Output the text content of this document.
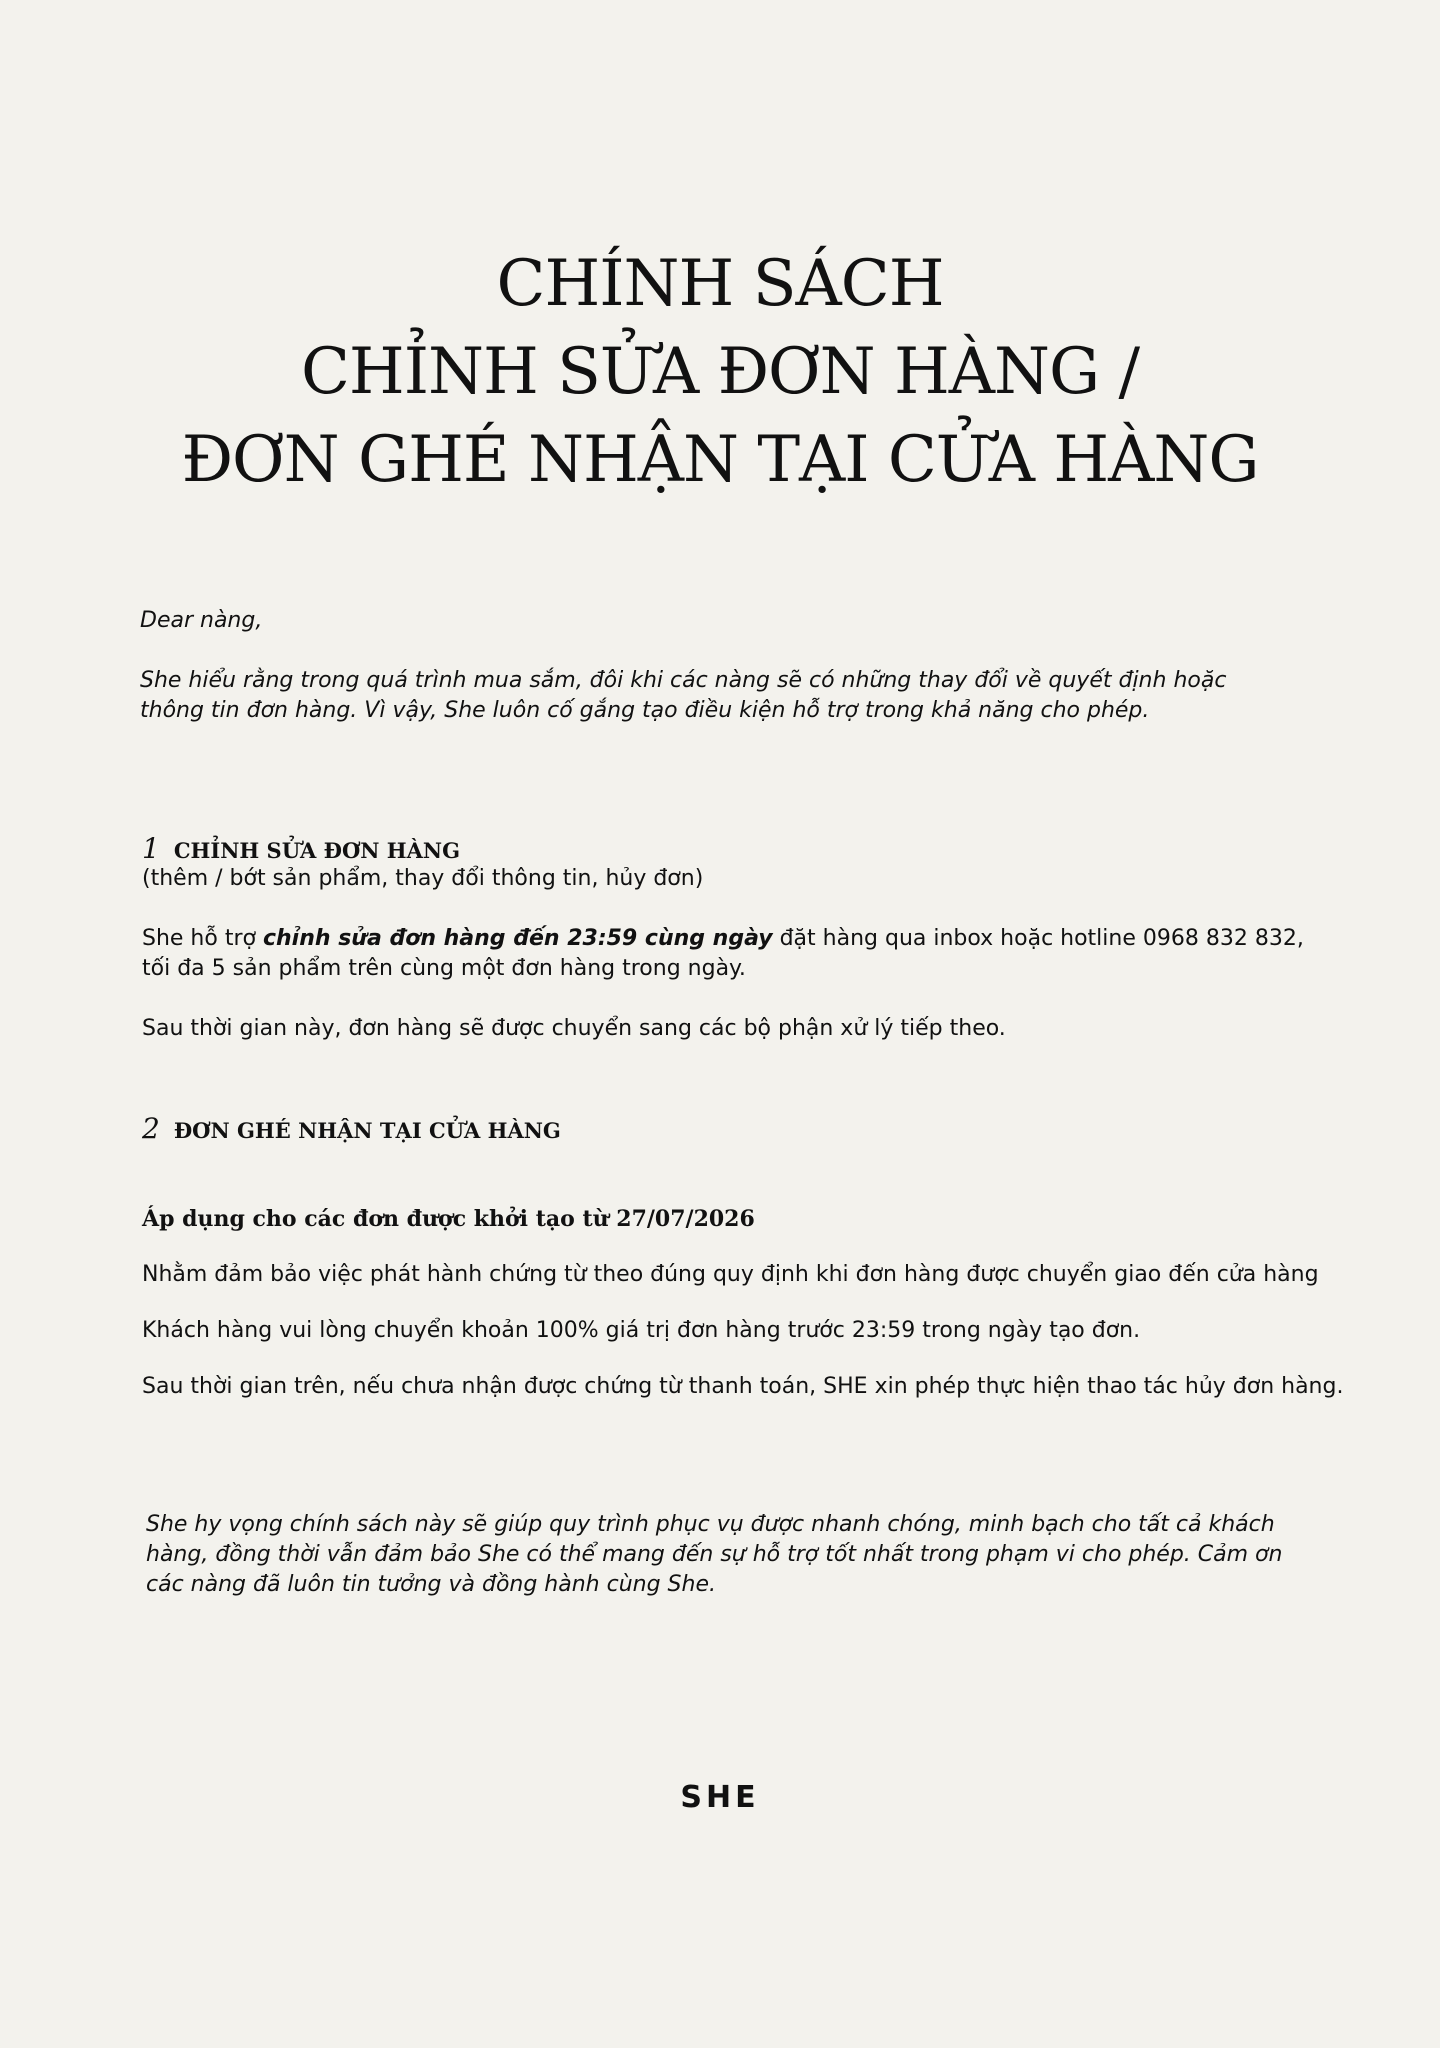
CHÍNH SÁCH
CHỈNH SỬA ĐƠN HÀNG /
ĐƠN GHÉ NHẬN TẠI CỬA HÀNG

Dear nàng,

She hiểu rằng trong quá trình mua sắm, đôi khi các nàng sẽ có những thay đổi về quyết định hoặc
thông tin đơn hàng. Vì vậy, She luôn cố gắng tạo điều kiện hỗ trợ trong khả năng cho phép.

1 CHỈNH SỬA ĐƠN HÀNG

(thêm / bớt sản phẩm, thay đổi thông tin, hủy đơn)

She hỗ trợ chỉnh sửa đơn hàng đến 23:59 cùng ngày đặt hàng qua inbox hoặc hotline 0968 832 832,
tối đa 5 sản phẩm trên cùng một đơn hàng trong ngày.

Sau thời gian này, đơn hàng sẽ được chuyển sang các bộ phận xử lý tiếp theo.

2 ĐƠN GHÉ NHẬN TẠI CỬA HÀNG

Áp dụng cho các đơn được khởi tạo từ 27/07/2026

Nhằm đảm bảo việc phát hành chứng từ theo đúng quy định khi đơn hàng được chuyển giao đến cửa hàng

Khách hàng vui lòng chuyển khoản 100% giá trị đơn hàng trước 23:59 trong ngày tạo đơn.

Sau thời gian trên, nếu chưa nhận được chứng từ thanh toán, SHE xin phép thực hiện thao tác hủy đơn hàng.

She hy vọng chính sách này sẽ giúp quy trình phục vụ được nhanh chóng, minh bạch cho tất cả khách
hàng, đồng thời vẫn đảm bảo She có thể mang đến sự hỗ trợ tốt nhất trong phạm vi cho phép. Cảm ơn
các nàng đã luôn tin tưởng và đồng hành cùng She.

SHE
